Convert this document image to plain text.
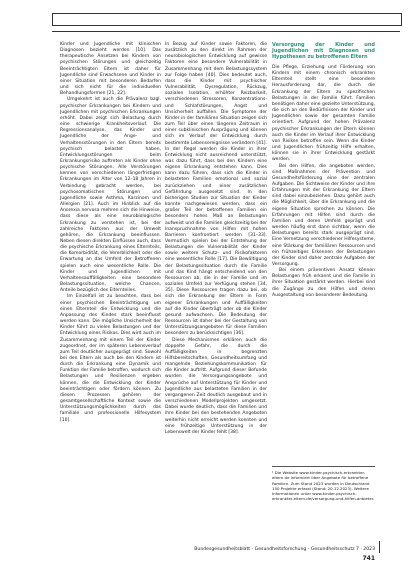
Kinder und Jugendliche mit klinischen Diagnosen bezieht werden [10]. Das therapeutische Ansetzen bei Kindern von psychischen Störungen und gleichzeitig Beeinträchtigten Eltern ist daher für Jugendliche sind Erwachsene und Kinder in einer Situation mit besonderen Bedarfen und sich nicht für die individuellen Behandlungsformen [21, 22].

Umgekehrt ist auch die Prävalenz bzgl. psychischer Erkrankungen bei Kindern und Jugendlichen mit psychischen Erkrankungen erhöht. Dabei zeigt sich Belastung durch eine schwierige Krankheitsverlauf. Die Regressionsanalyse, das Kinder und Jugendliche der Ange- und Verhaltensstörungen in den Eltern bereits psychisch belastet haben, Entwicklungsstörungen beim Erkrankungsrisiko auftreten als Kinder ohne psychische Störungen. Alle Verstörungen kennen von verschiedenen längerfristigen Erkrankungen im Alter von 12–18 Jahren in Verbindung gebracht werden, bei psychosomatischen Störungen und Jugendliche sowie Asthma, Karzinom und Allergien [21]. Auch im Hinblick auf die Anorexia nervosa mehren sich die Hinweise, dass diese als eine neurobiologische Erkrankung zu verstehen ist, bei der zahlreiche Faktoren aus der Umwelt gehören, die Erkrankung beeinflussen. Neben diesen direkten Einflüssen auch, dass die psychische Erkrankung eines Elternteils, die Komorbidität, die Vererblichkeit oder die Erwartung an das Umfeld der Betroffenen spielen auch eine wesentliche Rolle. Die Kinder und Jugendlichen mit Verhaltensauffälligkeiten eine besondere Belastungssituation, welche Chancen, Anteile bezüglich des Elternteiles.

Im Einzelfall ist zu beachten, dass bei einer psychischen Beeinträchtigung um einen Elternteil die Entwicklung und die Anpassung des Kindes stark beeinflusst werden kann. Die mögliche Unsicherheit der Kinder führt zu vielen Belastungen und der Entwicklung eines Risikos. Dies wird auch im Zusammenhang mit einem Teil der Kinder zugeordnet, der im späteren Lebensverlauf zum Teil deutlicher ausgeprägt sind. Sowohl bei den Eltern als auch bei den Kindern ist durch die Erkrankung eine Dynamik und Funktion der Familie betroffen, wodurch sich Belastungen und Resilienzen ergeben können, die die Entwicklung der Kinder beeinträchtigen oder fördern können. Zu diesen Prozessen gehören der gesamtgesellschaftliche Kontext sowie die Unterstützungsmöglichkeiten durch das familiale und professionelle Hilfesystem [10].

In Bezug auf Kinder sowie Faktoren, die zusätzlich zu den direkt im Rahmen der neurobiologischen Entwicklung auf gewisse Faktoren eine besondere Vulnerabilität in Zusammenhang mit dem Belastungssystem zur Folge haben [40]. Dies bedeutet auch, dass die Kinder mit psychischer Vulnerabilität, Dysregulation, Rückzug, sozialen Isolation, erhöhter Reizbarkeit, verschiedenen Stressoren, Konzentrations- und Schlafstörungen, Angst und Unsicherheit auffallen. Die Symptome der Kinder in der familiären Situation zeigen sich zum Teil über einen längeren Zeitraum in einer subklinischen Ausprägung und können sich im Verlauf der Entwicklung durch bestimmte Lebensereignisse verändern [41]. In der Regel werden die Kinder in ihrer Entwicklung nicht ausreichend unterstützt, was dazu führt, dass bei den Kindern eine eigene Erkrankung entstehen kann. Dies kann dazu führen, dass sich die Kinder in belasteten Familien emotional und sozial zurückziehen und einer zusätzlichen Gefährdung ausgesetzt sind. In den bisherigen Studien zur Situation der Kinder konnte nachgewiesen werden, dass ein großer Teil der betroffenen Familien ein besonders hohes Maß an Belastungen aufweist und die Familien gleichzeitig bei der Inanspruchnahme von Hilfen mit hohen Barrieren konfrontiert werden [31–33]. Vermutlich spielen bei der Entstehung der Belastungen die Vulnerabilität der Kinder sowie weitere Schutz- und Risikofaktoren eine wesentliche Rolle [17]. Die Bewältigung der Belastungssituation durch die Familie und das Kind hängt entscheidend von den Ressourcen ab, die in der Familie und im sozialen Umfeld zur Verfügung stehen [34, 35]. Diese Ressourcen tragen dazu bei, ob sich die Erkrankung der Eltern in Form eigener Erkrankungen und Auffälligkeiten auf die Kinder überträgt oder ob die Kinder gesund aufwachsen. Die Bedeutung der Ressourcen ist daher bei der Gestaltung von Unterstützungsangeboten für diese Familien besonders zu berücksichtigen [36].

Diese Mechanismen erklären auch die doppelte Gefahr, die durch die Auffälligkeiten in begrenzten Hilfsbereitschaften, Gesundheitsumfang und mangelnde Beziehungskommunikation für die Kinder auftritt. Aufgrund dieser Befunde wurden die Versorgungsangebote und Ansprüche auf Unterstützung für Kinder und Jugendliche aus belasteten Familien in der vergangenen Zeit deutlich ausgebaut und in verschiedenen Modellprojekten umgesetzt. Dabei wurde deutlich, dass die Familien und ihre Kinder bei den bestehenden Angeboten weiterhin nicht erreicht werden konnten und eine frühzeitige Unterstützung in der Lebenswelt der Kinder fehlt [38].

Versorgung der Kinder und Jugendlichen mit Diagnosen und Hypothesen zu betroffenen Eltern

Die Pflege, Erziehung und Förderung von Kindern mit einem chronisch erkrankten Elternteil stellt eine besondere Herausforderung dar, die durch die Erkrankung der Eltern zu spezifischen Belastungen in der Familie führt. Familien benötigen daher eine gezielte Unterstützung, die sich an den Bedürfnissen der Kinder und Jugendlichen sowie der gesamten Familie orientiert. Aufgrund der hohen Prävalenz psychischer Erkrankungen der Eltern können auch die Kinder im Verlauf ihrer Entwicklung von Risiken betroffen sein. Wenn die Kinder und Jugendlichen frühzeitig Hilfe erhalten, können sie in ihrer Entwicklung gestärkt werden.

Bei den Hilfen, die angeboten werden, sind Maßnahmen der Prävention und Gesundheitsförderung eine der zentralen Aufgaben. Die Sichtweise der Kinder und ihre Erfahrungen mit der Erkrankung der Eltern sind dabei einzubeziehen. Dazu gehört auch die Möglichkeit, über die Erkrankung und die eigene Situation sprechen zu können. Die Erfahrungen mit Hilfen sind durch die Familien und deren Umfeld geprägt und werden häufig erst dann sichtbar, wenn die Belastungen bereits stark ausgeprägt sind. Eine Vernetzung verschiedener Hilfesysteme, eine Stärkung der familiären Ressourcen und ein frühzeitiges Erkennen der Belastungen der Kinder sind daher zentrale Aufgaben der Versorgung.

Bei einem präventiven Ansatz können Belastungen früh erkannt und die Familie in ihrer Situation gestärkt werden. Hierbei sind die Zugänge zu den Hilfen und deren Ausgestaltung von besonderer Bedeutung.

¹ Die Website www.kinder-psychisch-erkrankter-eltern.de informiert über Angebote für betroffene Familien. Zum Stand 2023 wurden in Deutschland 150 Projekte erfasst (Stand: 20.12.2023). Weitere Informationen unter www.kinder-psychisch-erkrankter-eltern.de/versorgung-und-hilfen-anbieter.
Bundesgesundheitsblatt - Gesundheitsforschung - Gesundheitsschutz 7 · 2023 741
